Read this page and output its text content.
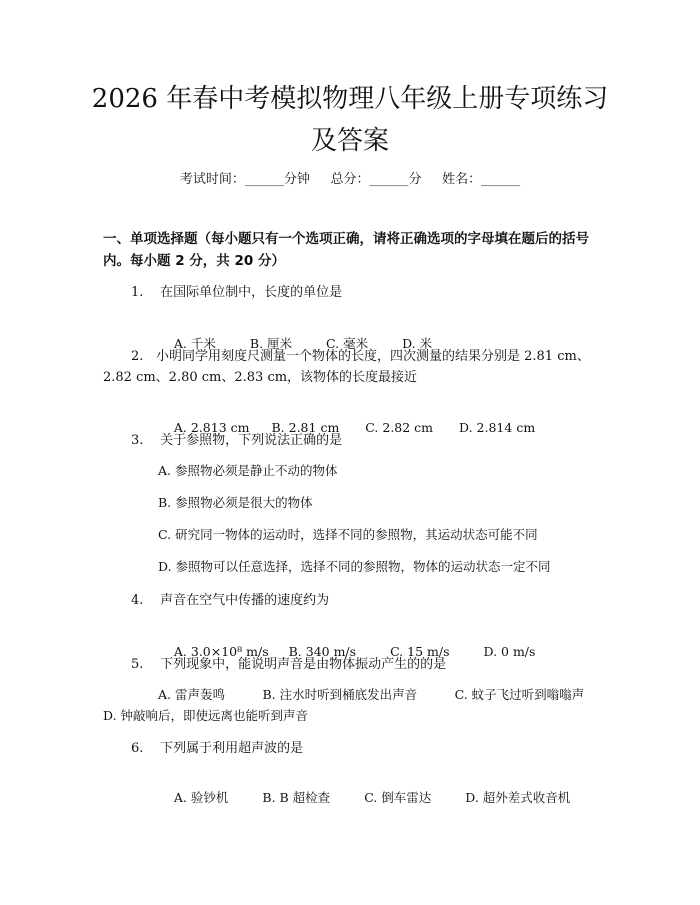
2026 年春中考模拟物理八年级上册专项练习及答案
考试时间：______分钟     总分：______分     姓名：______
一、单项选择题（每小题只有一个选项正确，请将正确选项的字母填在题后的括号内。每小题 2 分，共 20 分）
1. 在国际单位制中，长度的单位是

A. 千米	B. 厘米	C. 毫米	D. 米

2. 小明同学用刻度尺测量一个物体的长度，四次测量的结果分别是 2.81 cm、2.82 cm、2.80 cm、2.83 cm，该物体的长度最接近

A. 2.813 cm B. 2.81 cm C. 2.82 cm D. 2.814 cm

3. 关于参照物，下列说法正确的是
A. 参照物必须是静止不动的物体
B. 参照物必须是很大的物体
C. 研究同一物体的运动时，选择不同的参照物，其运动状态可能不同
D. 参照物可以任意选择，选择不同的参照物，物体的运动状态一定不同
4. 声音在空气中传播的速度约为

A. 3.0×10⁸ m/s B. 340 m/s	C. 15 m/s	D. 0 m/s

5. 下列现象中，能说明声音是由物体振动产生的的是
A. 雷声轰鸣　　　B. 注水时听到桶底发出声音　　　C. 蚊子飞过听到嗡嗡声　　　D. 钟敲响后，即使远离也能听到声音
6. 下列属于利用超声波的是

A. 验钞机	B. B 超检查	C. 倒车雷达	D. 超外差式收音机
